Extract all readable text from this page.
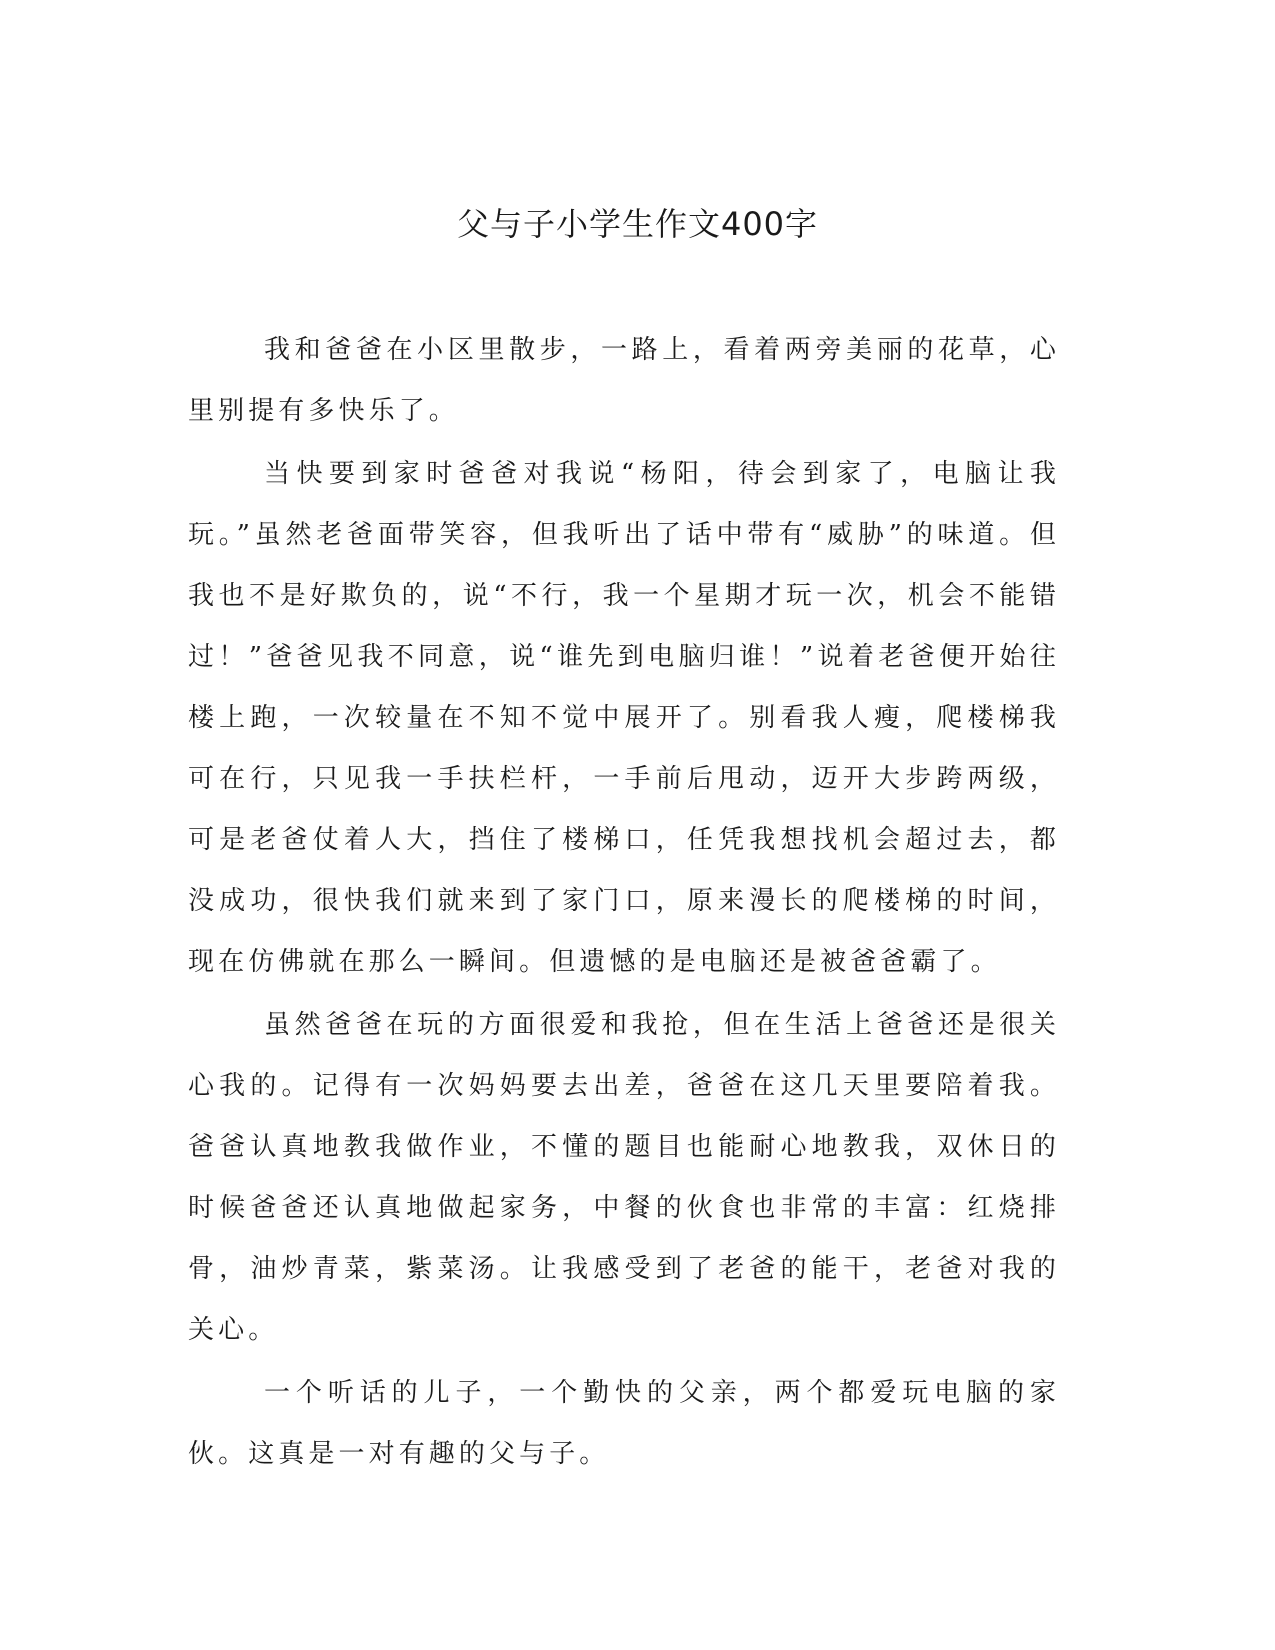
父与子小学生作文400字

我和爸爸在小区里散步，一路上，看着两旁美丽的花草，心里别提有多快乐了。

当快要到家时爸爸对我说“杨阳，待会到家了，电脑让我玩。”虽然老爸面带笑容，但我听出了话中带有“威胁”的味道。但我也不是好欺负的，说“不行，我一个星期才玩一次，机会不能错过！”爸爸见我不同意，说“谁先到电脑归谁！”说着老爸便开始往楼上跑，一次较量在不知不觉中展开了。别看我人瘦，爬楼梯我可在行，只见我一手扶栏杆，一手前后甩动，迈开大步跨两级，可是老爸仗着人大，挡住了楼梯口，任凭我想找机会超过去，都没成功，很快我们就来到了家门口，原来漫长的爬楼梯的时间，现在仿佛就在那么一瞬间。但遗憾的是电脑还是被爸爸霸了。

虽然爸爸在玩的方面很爱和我抢，但在生活上爸爸还是很关心我的。记得有一次妈妈要去出差，爸爸在这几天里要陪着我。爸爸认真地教我做作业，不懂的题目也能耐心地教我，双休日的时候爸爸还认真地做起家务，中餐的伙食也非常的丰富：红烧排骨，油炒青菜，紫菜汤。让我感受到了老爸的能干，老爸对我的关心。

一个听话的儿子，一个勤快的父亲，两个都爱玩电脑的家伙。这真是一对有趣的父与子。
